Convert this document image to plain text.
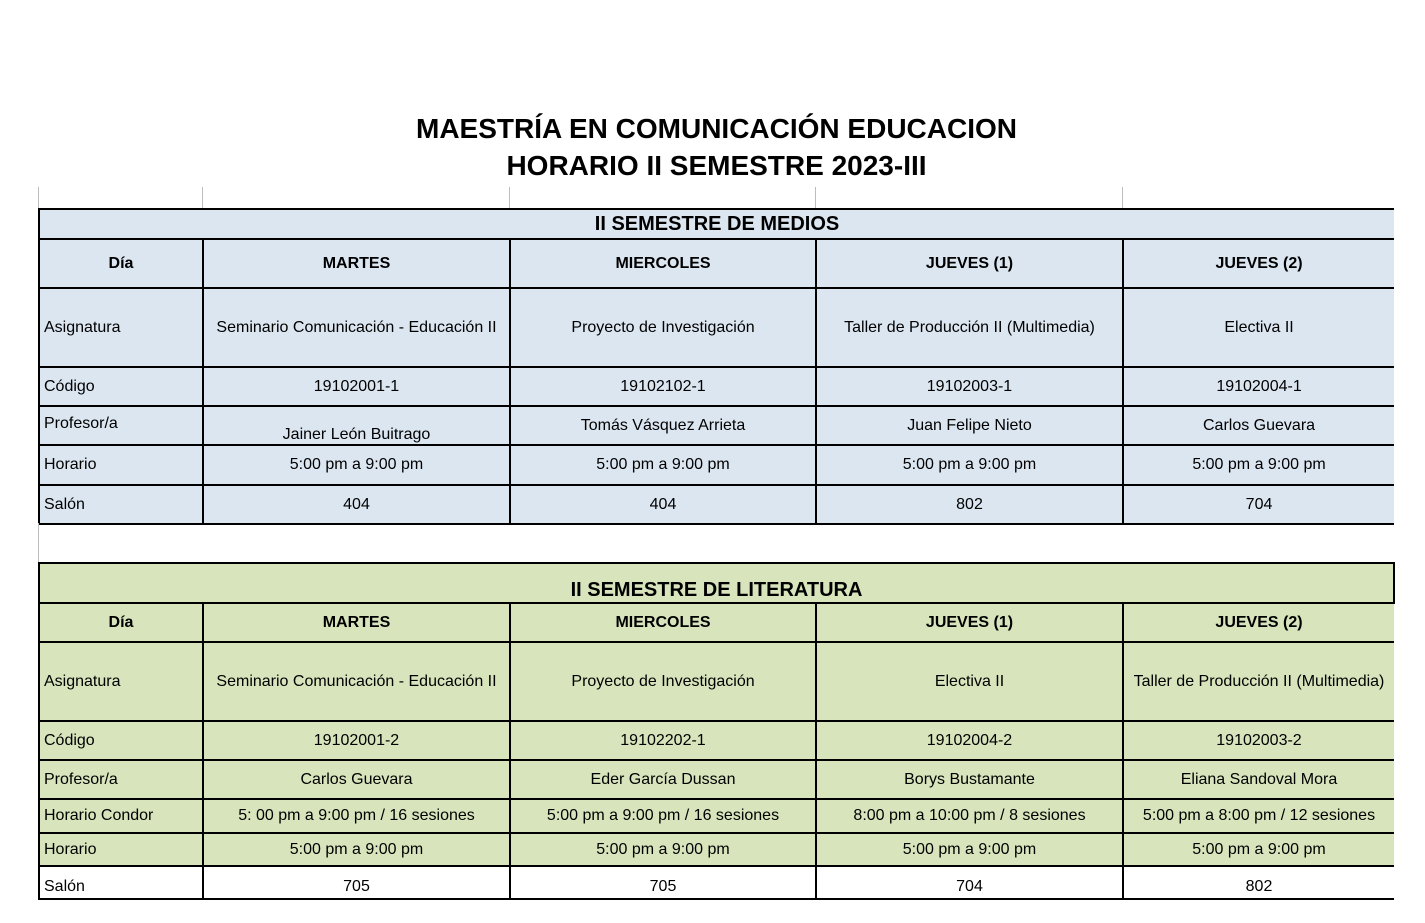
MAESTRÍA EN COMUNICACIÓN EDUCACION
HORARIO II SEMESTRE 2023-III
II SEMESTRE DE MEDIOS				
Día	MARTES	MIERCOLES	JUEVES (1)	JUEVES (2)
Asignatura	Seminario Comunicación - Educación II	Proyecto de Investigación	Taller de Producción II (Multimedia)	Electiva II
Código	19102001-1	19102102-1	19102003-1	19102004-1
Profesor/a	Jainer León Buitrago	Tomás Vásquez Arrieta	Juan Felipe Nieto	Carlos Guevara
Horario	5:00 pm a 9:00 pm	5:00 pm a 9:00 pm	5:00 pm a 9:00 pm	5:00 pm a 9:00 pm
Salón	404	404	802	704
II SEMESTRE DE LITERATURA				
Día	MARTES	MIERCOLES	JUEVES (1)	JUEVES (2)
Asignatura	Seminario Comunicación - Educación II	Proyecto de Investigación	Electiva II	Taller de Producción II (Multimedia)
Código	19102001-2	19102202-1	19102004-2	19102003-2
Profesor/a	Carlos Guevara	Eder García Dussan	Borys Bustamante	Eliana Sandoval Mora
Horario Condor	5: 00 pm a 9:00 pm / 16 sesiones	5:00 pm a 9:00 pm / 16 sesiones	8:00 pm a 10:00 pm / 8 sesiones	5:00 pm a 8:00 pm / 12 sesiones
Horario	5:00 pm a 9:00 pm	5:00 pm a 9:00 pm	5:00 pm a 9:00 pm	5:00 pm a 9:00 pm
Salón	705	705	704	802
